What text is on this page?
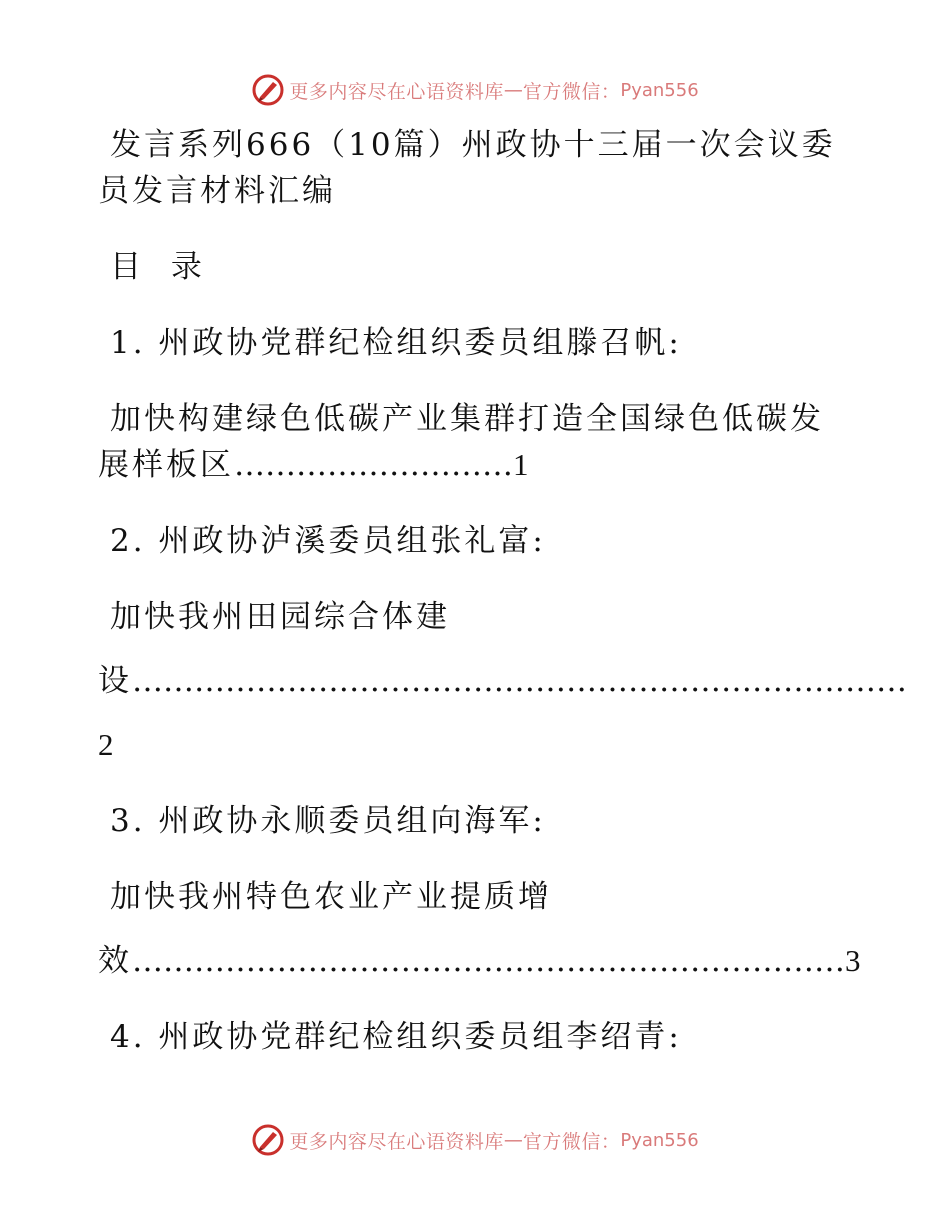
更多内容尽在心语资料库 — 官方微信： Pyan556
发言系列666（10篇）州政协十三届一次会议委
员发言材料汇编
目 录
1. 州政协党群纪检组织委员组滕召帆:
加快构建绿色低碳产业集群打造全国绿色低碳发
展样板区………………………1
2. 州政协泸溪委员组张礼富:
加快我州田园综合体建
设…………………………………………………………………
2
3. 州政协永顺委员组向海军:
加快我州特色农业产业提质增
效……………………………………………………………3
4. 州政协党群纪检组织委员组李绍青:
更多内容尽在心语资料库 — 官方微信： Pyan556
